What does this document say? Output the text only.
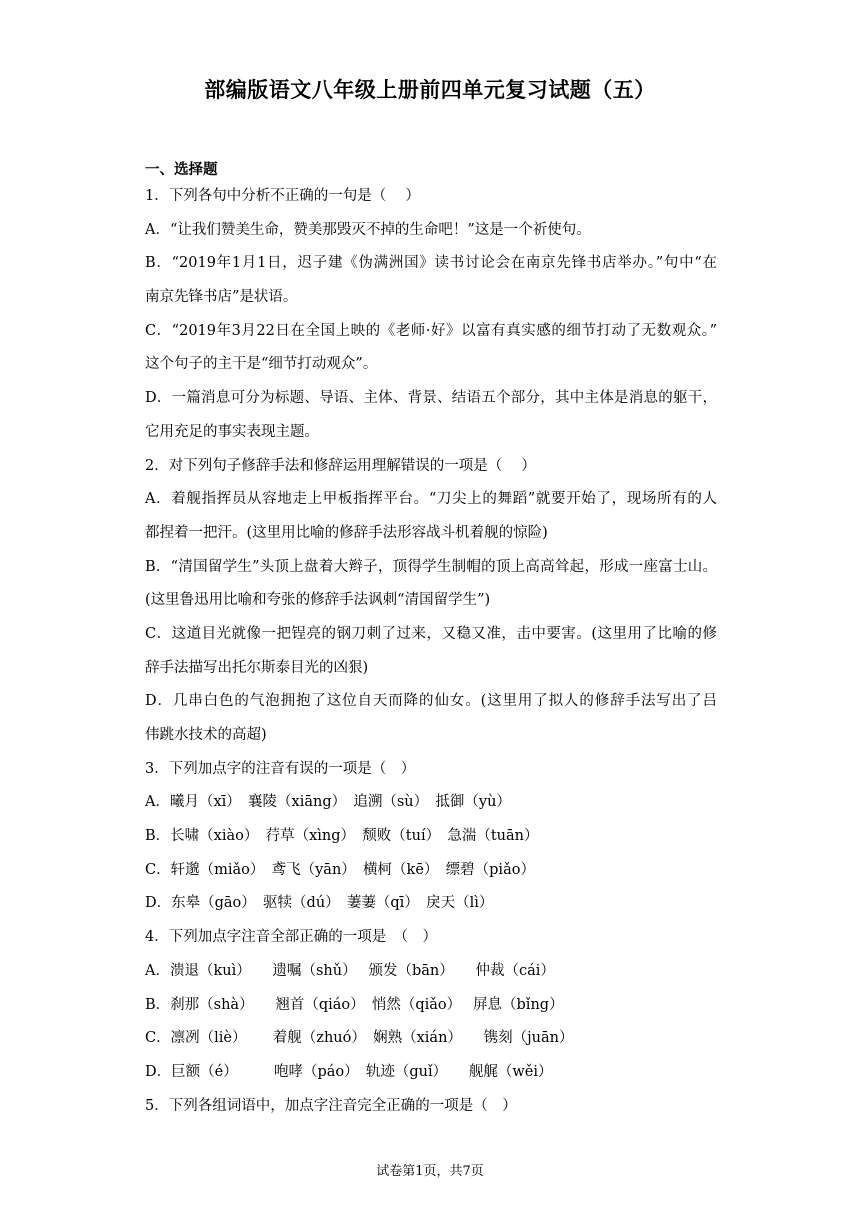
部编版语文八年级上册前四单元复习试题（五）
一、选择题
1．下列各句中分析不正确的一句是（　 ）
A．“让我们赞美生命，赞美那毁灭不掉的生命吧！”这是一个祈使句。
B．“2019年1月1日，迟子建《伪满洲国》读书讨论会在南京先锋书店举办。”句中“在
南京先锋书店”是状语。
C．“2019年3月22日在全国上映的《老师·好》以富有真实感的细节打动了无数观众。”
这个句子的主干是“细节打动观众”。
D．一篇消息可分为标题、导语、主体、背景、结语五个部分，其中主体是消息的躯干，
它用充足的事实表现主题。
2．对下列句子修辞手法和修辞运用理解错误的一项是（　 ）
A．着舰指挥员从容地走上甲板指挥平台。“刀尖上的舞蹈”就要开始了，现场所有的人
都捏着一把汗。(这里用比喻的修辞手法形容战斗机着舰的惊险)
B．“清国留学生”头顶上盘着大辫子，顶得学生制帽的顶上高高耸起，形成一座富士山。
(这里鲁迅用比喻和夸张的修辞手法讽刺“清国留学生”)
C．这道目光就像一把锃亮的钢刀刺了过来，又稳又准，击中要害。(这里用了比喻的修
辞手法描写出托尔斯泰目光的凶狠)
D．几串白色的气泡拥抱了这位自天而降的仙女。(这里用了拟人的修辞手法写出了吕
伟跳水技术的高超)
3．下列加点字的注音有误的一项是（　）
A．曦月（xī）　襄陵（xiāng）　追溯（sù）　抵御（yù）
B．长啸（xiào）　荇草（xìng）　颓败（tuí）　急湍（tuān）
C．轩邈（miǎo）　鸢飞（yān）　横柯（kē）　缥碧（piǎo）
D．东皋（gāo）　驱犊（dú）　萋萋（qī）　戾天（lì）
4．下列加点字注音全部正确的一项是　（　）
A．溃退（kuì）　　遗嘱（shǔ）　 颁发（bān）　　仲裁（cái）
B．刹那（shà）　　翘首（qiáo）　悄然（qiǎo）　 屏息（bǐng）
C．凛冽（liè）　　 着舰（zhuó）　娴熟（xián）　　镌刻（juān）
D．巨额（é）　　　咆哮（páo）　轨迹（guǐ）　　舰艉（wěi）
5．下列各组词语中，加点字注音完全正确的一项是（　）
试卷第1页，共7页
